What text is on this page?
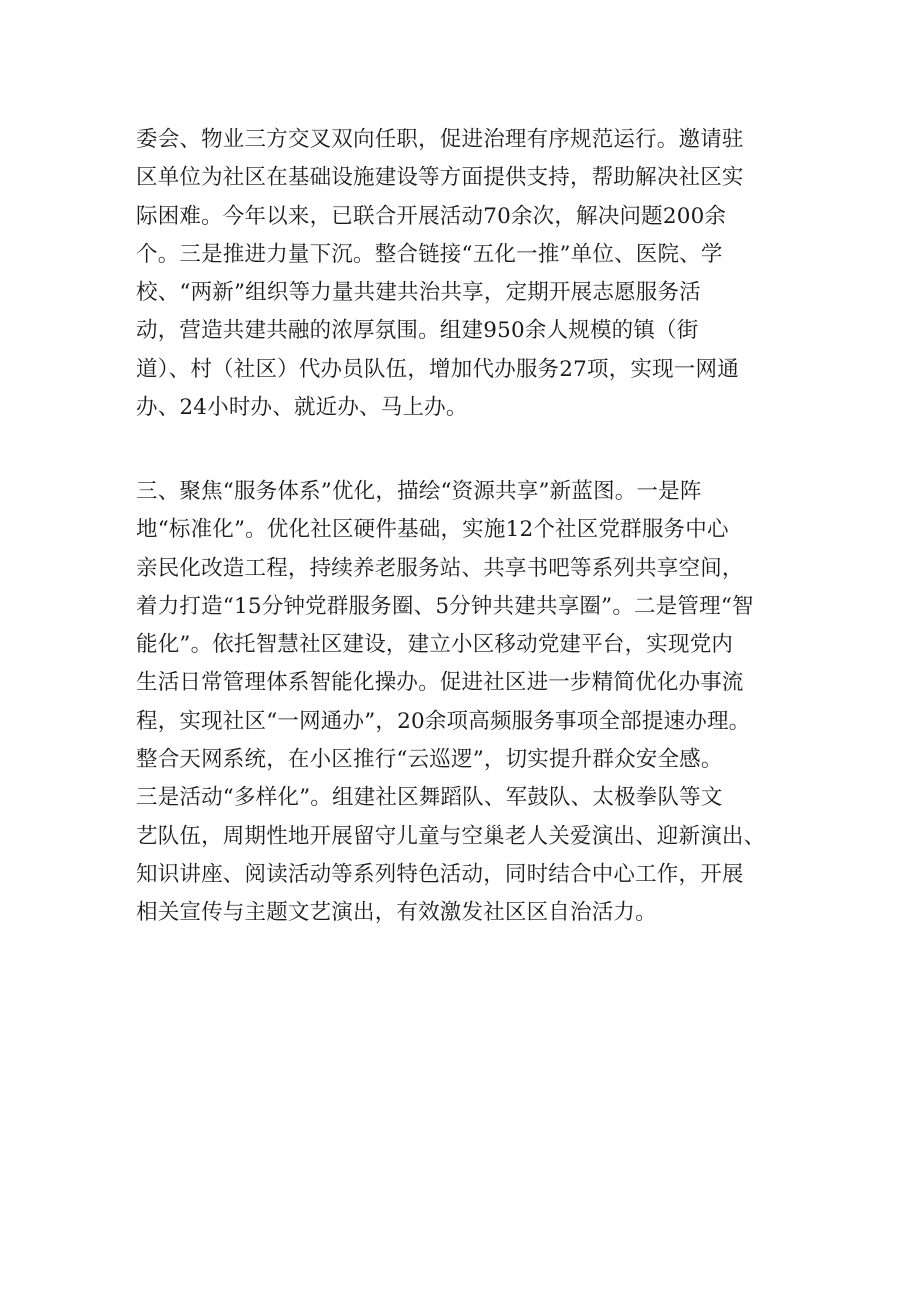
委会、物业三方交叉双向任职，促进治理有序规范运行。邀请驻
区单位为社区在基础设施建设等方面提供支持，帮助解决社区实
际困难。今年以来，已联合开展活动70余次，解决问题200余
个。三是推进力量下沉。整合链接“五化一推”单位、医院、学
校、“两新”组织等力量共建共治共享，定期开展志愿服务活
动，营造共建共融的浓厚氛围。组建950余人规模的镇（街
道）、村（社区）代办员队伍，增加代办服务27项，实现一网通
办、24小时办、就近办、马上办。

三、聚焦“服务体系”优化，描绘“资源共享”新蓝图。一是阵
地“标准化”。优化社区硬件基础，实施12个社区党群服务中心
亲民化改造工程，持续养老服务站、共享书吧等系列共享空间，
着力打造“15分钟党群服务圈、5分钟共建共享圈”。二是管理“智
能化”。依托智慧社区建设，建立小区移动党建平台，实现党内
生活日常管理体系智能化操办。促进社区进一步精简优化办事流
程，实现社区“一网通办”，20余项高频服务事项全部提速办理。
整合天网系统，在小区推行“云巡逻”，切实提升群众安全感。
三是活动“多样化”。组建社区舞蹈队、军鼓队、太极拳队等文
艺队伍，周期性地开展留守儿童与空巢老人关爱演出、迎新演出、
知识讲座、阅读活动等系列特色活动，同时结合中心工作，开展
相关宣传与主题文艺演出，有效激发社区区自治活力。
